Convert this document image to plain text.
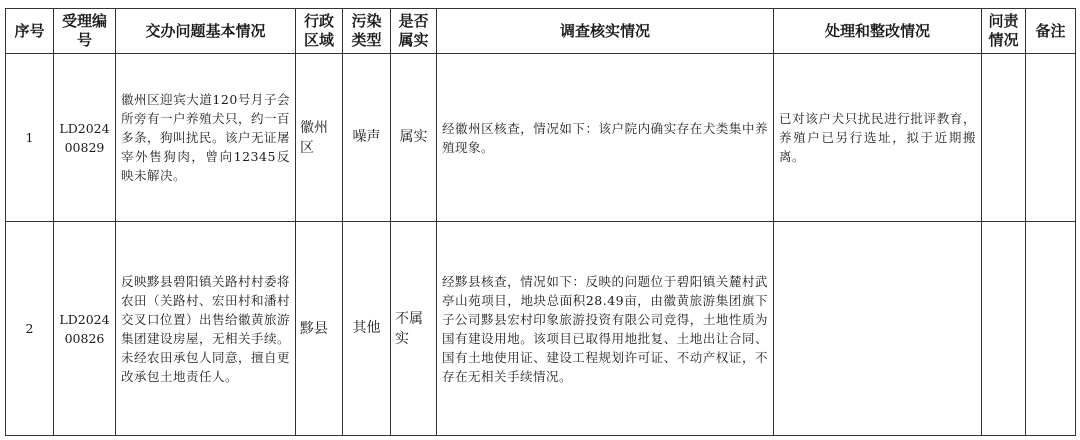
序号	受理编号	交办问题基本情况	行政区域	污染类型	是否属实	调查核实情况	处理和整改情况	问责情况	备注
1	LD202400829	徽州区迎宾大道120号月子会所旁有一户养殖犬只，约一百多条，狗叫扰民。该户无证屠宰外售狗肉，曾向12345反映未解决。	徽州区	噪声	属实	经徽州区核查，情况如下：该户院内确实存在犬类集中养殖现象。	已对该户犬只扰民进行批评教育，养殖户已另行选址，拟于近期搬离。		
2	LD202400826	反映黟县碧阳镇关路村村委将农田（关路村、宏田村和潘村交叉口位置）出售给徽黄旅游集团建设房屋，无相关手续。未经农田承包人同意，擅自更改承包土地责任人。	黟县	其他	不属实	经黟县核查，情况如下：反映的问题位于碧阳镇关麓村武亭山苑项目，地块总面积28.49亩，由徽黄旅游集团旗下子公司黟县宏村印象旅游投资有限公司竞得，土地性质为国有建设用地。该项目已取得用地批复、土地出让合同、国有土地使用证、建设工程规划许可证、不动产权证，不存在无相关手续情况。			
